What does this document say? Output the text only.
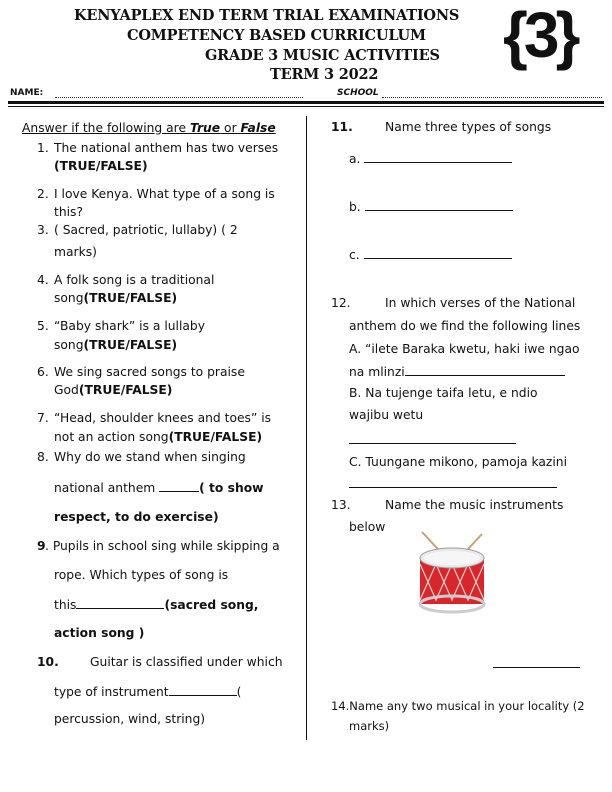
KENYAPLEX END TERM TRIAL EXAMINATIONS
COMPETENCY BASED CURRICULUM
GRADE 3 MUSIC ACTIVITIES
TERM 3 2022
{3}
NAME:	SCHOOL
Answer if the following are True or False
1. The national anthem has two verses
(TRUE/FALSE)
2. I love Kenya. What type of a song is
this?
3. ( Sacred, patriotic, lullaby) ( 2
marks)
4. A folk song is a traditional
song(TRUE/FALSE)
5. “Baby shark” is a lullaby
song(TRUE/FALSE)
6. We sing sacred songs to praise
God(TRUE/FALSE)
7. “Head, shoulder knees and toes” is
not an action song(TRUE/FALSE)
8. Why do we stand when singing
national anthem	( to show
respect, to do exercise)
9 . Pupils in school sing while skipping a
rope. Which types of song is
this	(sacred song,
action song )
10.	Guitar is classified under which
type of instrument	(
percussion, wind, string)
11.	Name three types of songs
a.
b.
c.
12.	In which verses of the National
anthem do we find the following lines
A. “ilete Baraka kwetu, haki iwe ngao
na mlinzi
B. Na tujenge taifa letu, e ndio
wajibu wetu
C. Tuungane mikono, pamoja kazini
13.	Name the music instruments
below
14.Name any two musical in your locality (2
marks)
